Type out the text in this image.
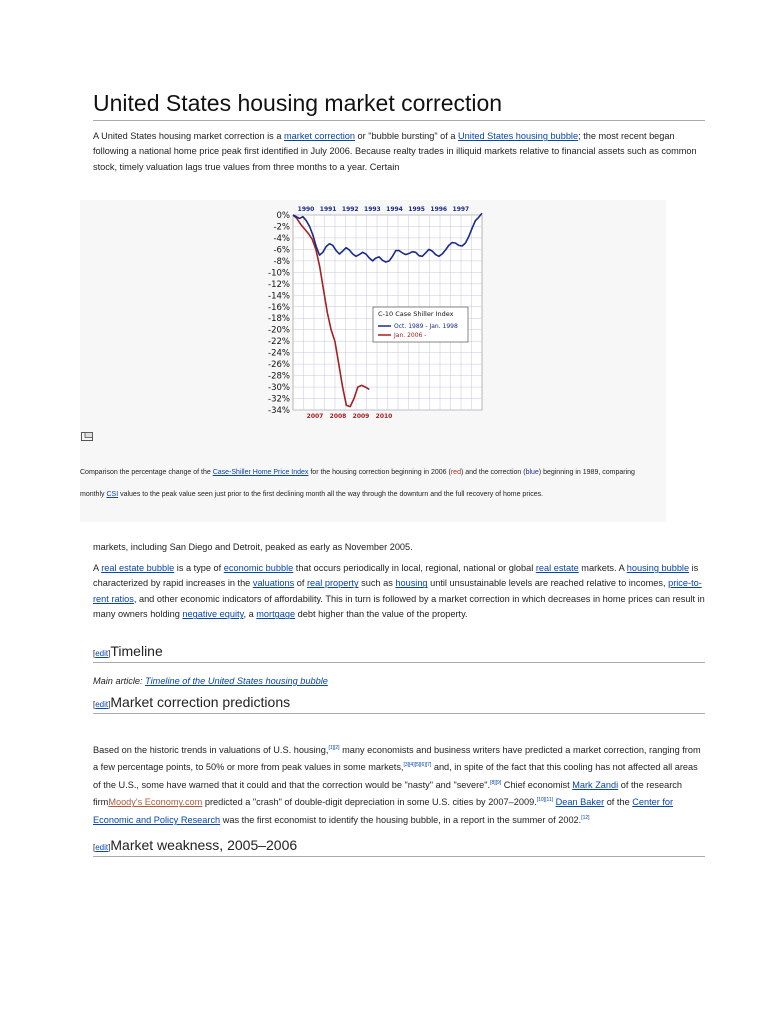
United States housing market correction
A United States housing market correction is a market correction or "bubble bursting" of a United States housing bubble; the most recent began following a national home price peak first identified in July 2006. Because realty trades in illiquid markets relative to financial assets such as common stock, timely valuation lags true values from three months to a year. Certain
0%
-2%
-4%
-6%
-8%
-10%
-12%
-14%
-16%
-18%
-20%
-22%
-24%
-26%
-28%
-30%
-32%
-34%
1990 1991 1992 1993 1994 1995 1996 1997
2007 2008 2009 2010
C-10 Case Shiller Index
Oct. 1989 - Jan. 1998
Jan. 2006 -
Comparison the percentage change of the Case-Shiller Home Price Index for the housing correction beginning in 2006 (red) and the correction (blue) beginning in 1989, comparing monthly CSI values to the peak value seen just prior to the first declining month all the way through the downturn and the full recovery of home prices.
markets, including San Diego and Detroit, peaked as early as November 2005.
A real estate bubble is a type of economic bubble that occurs periodically in local, regional, national or global real estate markets. A housing bubble is characterized by rapid increases in the valuations of real property such as housing until unsustainable levels are reached relative to incomes, price-to-rent ratios, and other economic indicators of affordability. This in turn is followed by a market correction in which decreases in home prices can result in many owners holding negative equity, a mortgage debt higher than the value of the property.
[edit]Timeline
Main article: Timeline of the United States housing bubble
[edit]Market correction predictions
Based on the historic trends in valuations of U.S. housing,[1][2] many economists and business writers have predicted a market correction, ranging from a few percentage points, to 50% or more from peak values in some markets,[3][4][5][6][7] and, in spite of the fact that this cooling has not affected all areas of the U.S., some have warned that it could and that the correction would be "nasty" and "severe".[8][9] Chief economist Mark Zandi of the research firmMoody's Economy.com predicted a "crash" of double-digit depreciation in some U.S. cities by 2007–2009.[10][11] Dean Baker of the Center for Economic and Policy Research was the first economist to identify the housing bubble, in a report in the summer of 2002.[12]
[edit]Market weakness, 2005–2006
